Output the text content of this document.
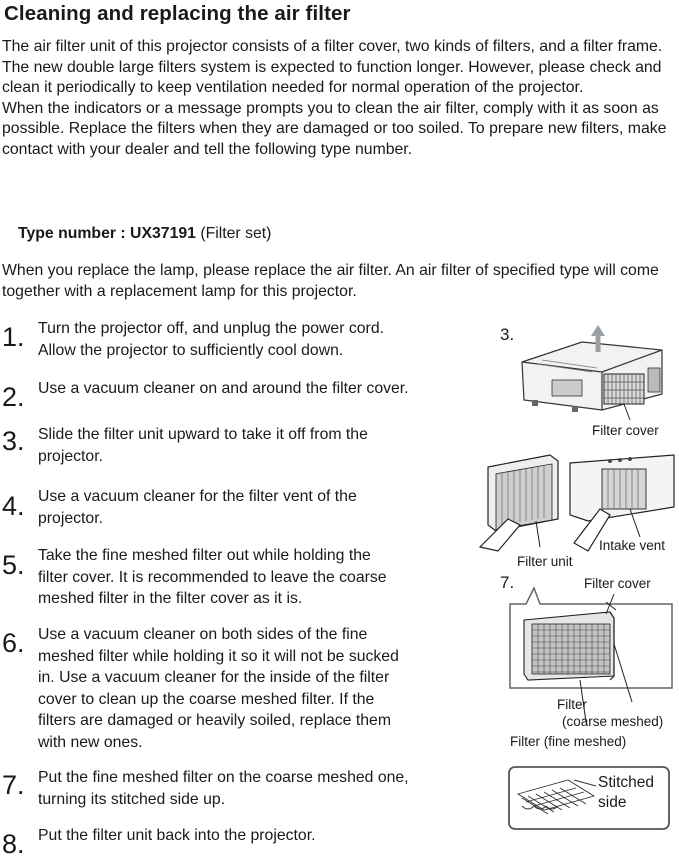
Cleaning and replacing the air filter

The air filter unit of this projector consists of a filter cover, two kinds of filters, and a filter frame. The new double large filters system is expected to function longer. However, please check and clean it periodically to keep ventilation needed for normal operation of the projector.

When the indicators or a message prompts you to clean the air filter, comply with it as soon as possible. Replace the filters when they are damaged or too soiled. To prepare new filters, make contact with your dealer and tell the following type number.

Type number : UX37191 (Filter set)
When you replace the lamp, please replace the air filter. An air filter of specified type will come together with a replacement lamp for this projector.
1. Turn the projector off, and unplug the power cord.
Allow the projector to sufficiently cool down.
2. Use a vacuum cleaner on and around the filter cover.
3. Slide the filter unit upward to take it off from the
projector.
4. Use a vacuum cleaner for the filter vent of the
projector.
5. Take the fine meshed filter out while holding the
filter cover. It is recommended to leave the coarse
meshed filter in the filter cover as it is.
6. Use a vacuum cleaner on both sides of the fine
meshed filter while holding it so it will not be sucked
in. Use a vacuum cleaner for the inside of the filter
cover to clean up the coarse meshed filter. If the
filters are damaged or heavily soiled, replace them
with new ones.
7. Put the fine meshed filter on the coarse meshed one,
turning its stitched side up.
8. Put the filter unit back into the projector.
3.
Filter cover
Intake vent
Filter unit
7.	Filter cover
Filter
(coarse meshed)
Filter (fine meshed)
Stitched
side
